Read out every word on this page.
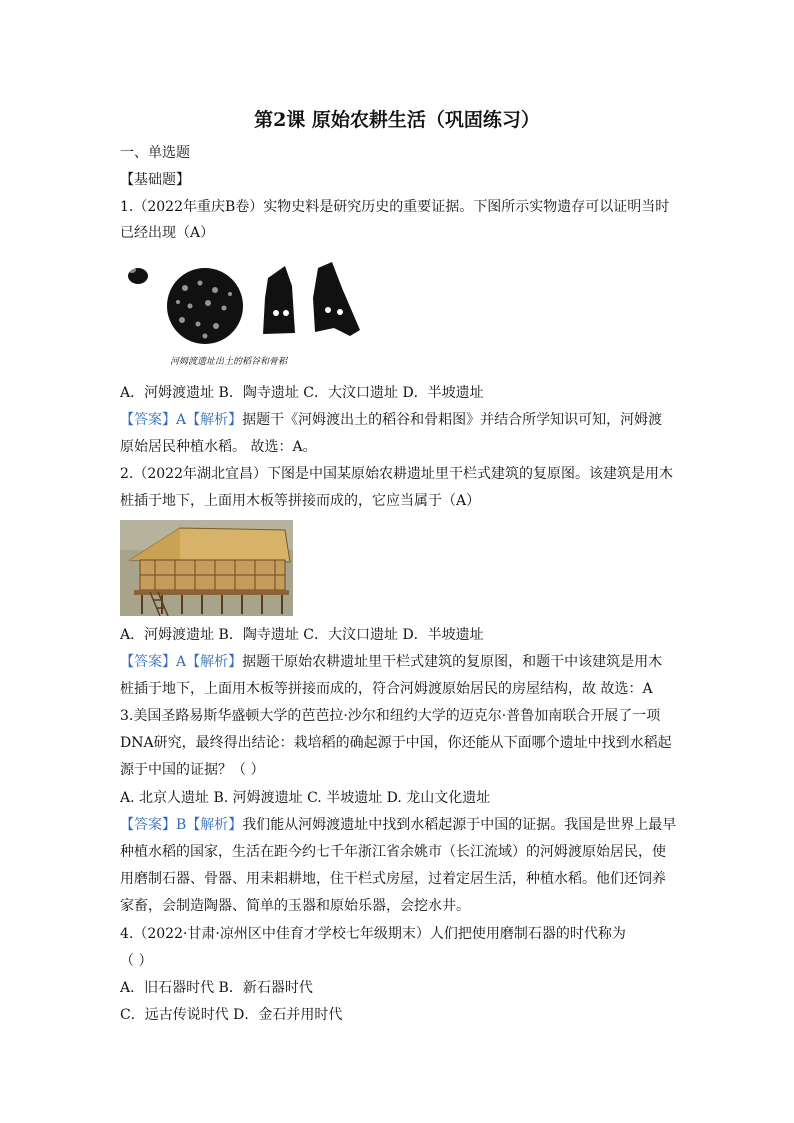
第2课 原始农耕生活（巩固练习）
一、单选题
【基础题】
1.（2022年重庆B卷）实物史料是研究历史的重要证据。下图所示实物遗存可以证明当时
已经出现（A）
河姆渡遗址出土的稻谷和骨耜
A．河姆渡遗址 B．陶寺遗址 C．大汶口遗址 D．半坡遗址
【答案】A【解析】据题干《河姆渡出土的稻谷和骨耜图》并结合所学知识可知，河姆渡
原始居民种植水稻。 故选：A。
2.（2022年湖北宜昌）下图是中国某原始农耕遗址里干栏式建筑的复原图。该建筑是用木
桩插于地下，上面用木板等拼接而成的，它应当属于（A）
A．河姆渡遗址 B．陶寺遗址 C．大汶口遗址 D．半坡遗址
【答案】A【解析】据题干原始农耕遗址里干栏式建筑的复原图，和题干中该建筑是用木
桩插于地下，上面用木板等拼接而成的，符合河姆渡原始居民的房屋结构，故 故选：A
3.美国圣路易斯华盛顿大学的芭芭拉·沙尔和纽约大学的迈克尔·普鲁加南联合开展了一项
DNA研究，最终得出结论：栽培稻的确起源于中国，你还能从下面哪个遗址中找到水稻起
源于中国的证据？（ ）
A. 北京人遗址 B. 河姆渡遗址 C. 半坡遗址 D. 龙山文化遗址
【答案】B【解析】我们能从河姆渡遗址中找到水稻起源于中国的证据。我国是世界上最早
种植水稻的国家，生活在距今约七千年浙江省余姚市（长江流域）的河姆渡原始居民，使
用磨制石器、骨器、用耒耜耕地，住干栏式房屋，过着定居生活，种植水稻。他们还饲养
家畜，会制造陶器、简单的玉器和原始乐器，会挖水井。
4.（2022·甘肃·凉州区中佳育才学校七年级期末）人们把使用磨制石器的时代称为
（ ）
A．旧石器时代 B．新石器时代
C．远古传说时代 D．金石并用时代
